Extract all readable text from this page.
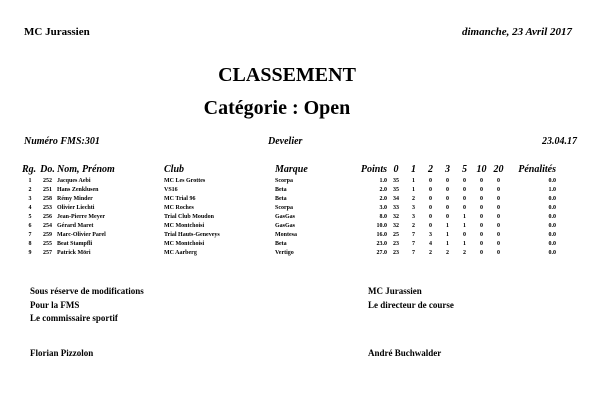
MC Jurassien	dimanche, 23 Avril 2017
CLASSEMENT
Catégorie : Open
Numéro FMS:301	Develier	23.04.17
Rg.	Do.	Nom, Prénom	Club	Marque	Points	0	1	2	3	5	10	20	Pénalités
1	252	Jacques Aebi	MC Les Grottes	Scorpa	1.0	35	1	0	0	0	0	0	0.0
2	251	Hans Zenklusen	VS16	Beta	2.0	35	1	0	0	0	0	0	1.0
3	258	Rémy Minder	MC Trial 96	Beta	2.0	34	2	0	0	0	0	0	0.0
4	253	Olivier Liechti	MC Roches	Scorpa	3.0	33	3	0	0	0	0	0	0.0
5	256	Jean-Pierre Meyer	Trial Club Moudon	GasGas	8.0	32	3	0	0	1	0	0	0.0
6	254	Gérard Maret	MC Montchoisi	GasGas	10.0	32	2	0	1	1	0	0	0.0
7	259	Marc-Olivier Parel	Trial Hauts-Geneveys	Montesa	16.0	25	7	3	1	0	0	0	0.0
8	255	Beat Stampfli	MC Montchoisi	Beta	23.0	23	7	4	1	1	0	0	0.0
9	257	Patrick Möri	MC Aarberg	Vertigo	27.0	23	7	2	2	2	0	0	0.0
Sous réserve de modifications
Pour la FMS
Le commissaire sportif
Florian Pizzolon
MC Jurassien
Le directeur de course
André Buchwalder
